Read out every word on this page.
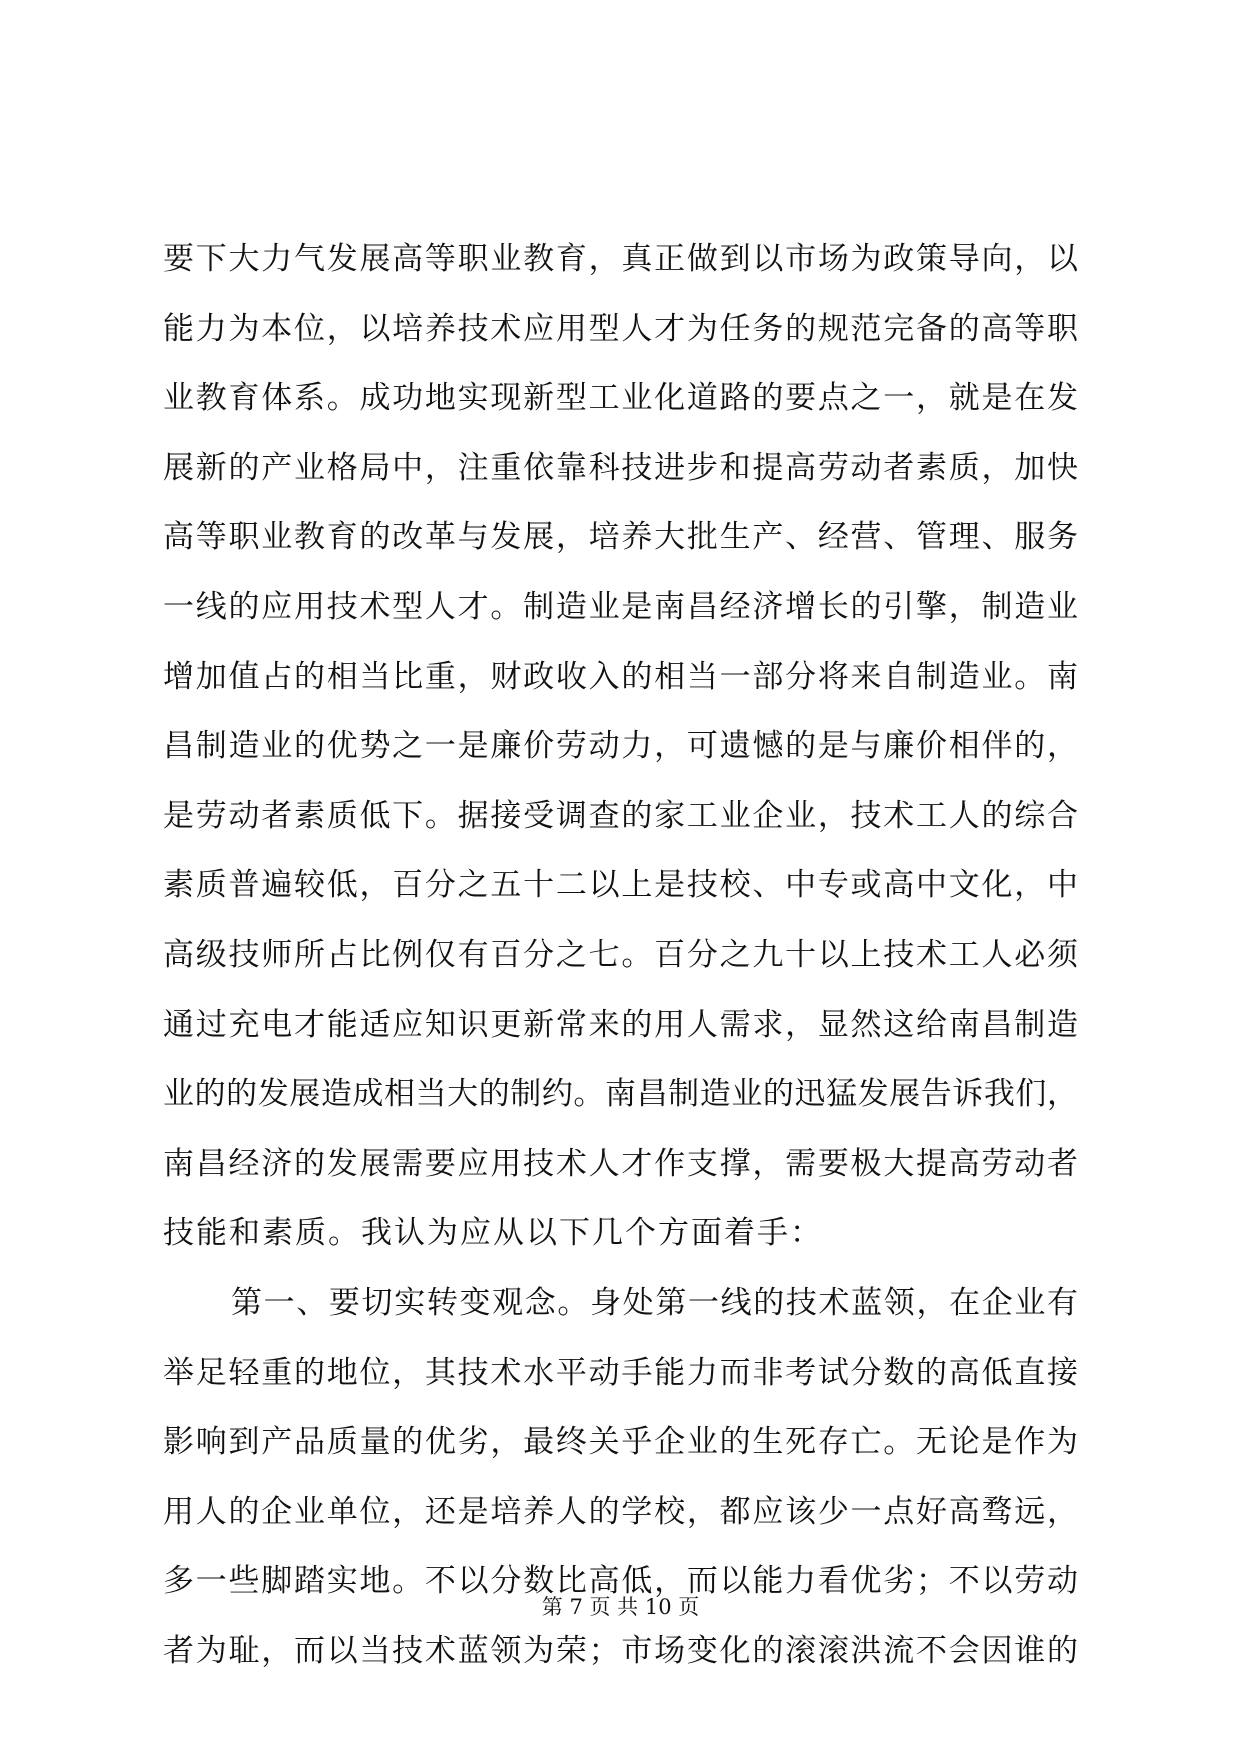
要下大力气发展高等职业教育，真正做到以市场为政策导向，以
能力为本位，以培养技术应用型人才为任务的规范完备的高等职
业教育体系。成功地实现新型工业化道路的要点之一，就是在发
展新的产业格局中，注重依靠科技进步和提高劳动者素质，加快
高等职业教育的改革与发展，培养大批生产、经营、管理、服务
一线的应用技术型人才。制造业是南昌经济增长的引擎，制造业
增加值占的相当比重，财政收入的相当一部分将来自制造业。南
昌制造业的优势之一是廉价劳动力，可遗憾的是与廉价相伴的，
是劳动者素质低下。据接受调查的家工业企业，技术工人的综合
素质普遍较低，百分之五十二以上是技校、中专或高中文化，中
高级技师所占比例仅有百分之七。百分之九十以上技术工人必须
通过充电才能适应知识更新常来的用人需求，显然这给南昌制造
业的的发展造成相当大的制约。南昌制造业的迅猛发展告诉我们，
南昌经济的发展需要应用技术人才作支撑，需要极大提高劳动者
技能和素质。我认为应从以下几个方面着手：
第一、要切实转变观念。身处第一线的技术蓝领，在企业有
举足轻重的地位，其技术水平动手能力而非考试分数的高低直接
影响到产品质量的优劣，最终关乎企业的生死存亡。无论是作为
用人的企业单位，还是培养人的学校，都应该少一点好高骛远，
多一些脚踏实地。不以分数比高低，而以能力看优劣；不以劳动
者为耻，而以当技术蓝领为荣；市场变化的滚滚洪流不会因谁的
第 7 页 共 10 页
